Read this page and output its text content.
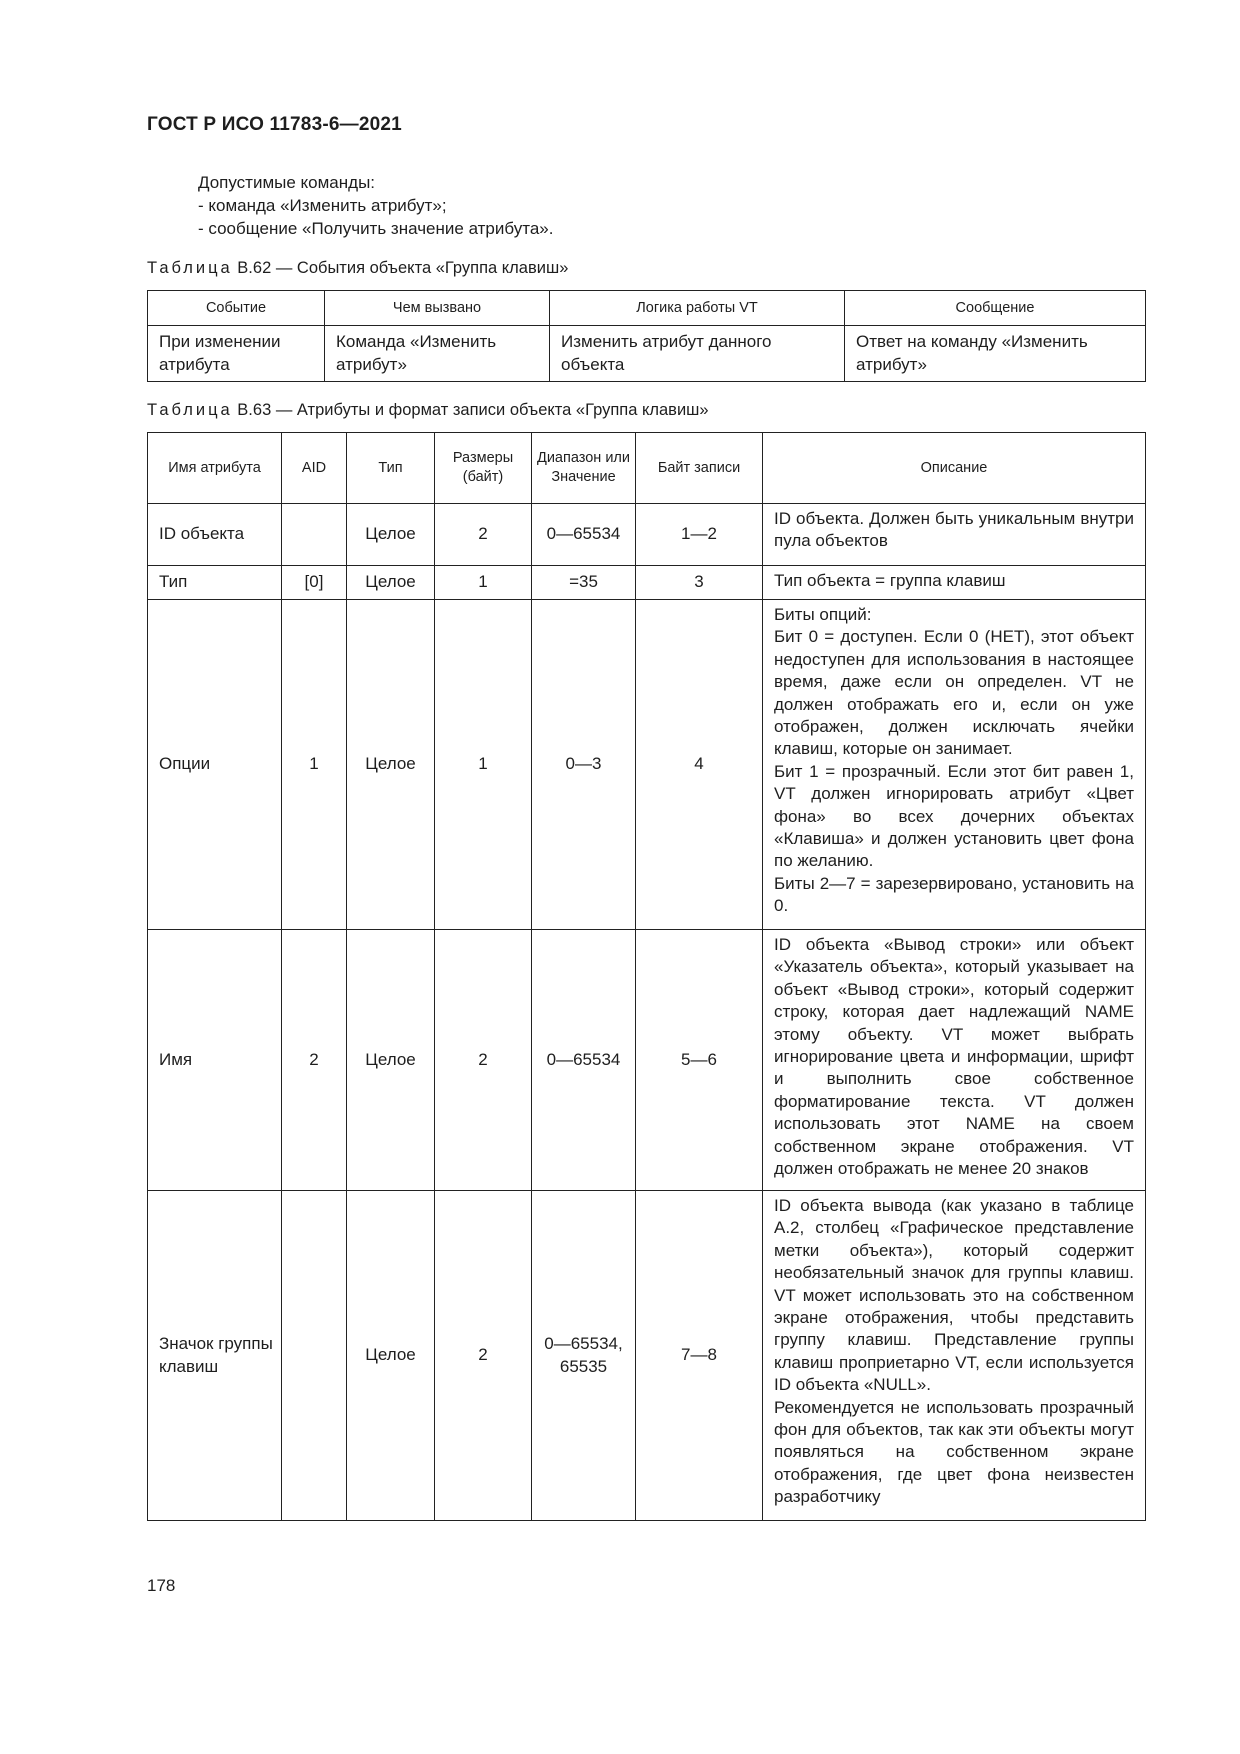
ГОСТ Р ИСО 11783-6—2021
Допустимые команды:
- команда «Изменить атрибут»;
- сообщение «Получить значение атрибута».
Таблица В.62 — События объекта «Группа клавиш»
Событие	Чем вызвано	Логика работы VT	Сообщение
При изменении атрибута	Команда «Изменить атрибут»	Изменить атрибут данного объекта	Ответ на команду «Изменить атрибут»
Таблица В.63 — Атрибуты и формат записи объекта «Группа клавиш»
Имя атрибута	AID	Тип	Размеры (байт)	Диапазон или Значение	Байт записи	Описание
ID объекта		Целое	2	0—65534	1—2	ID объекта. Должен быть уникальным внутри пула объектов

Тип	[0]	Целое	1	=35	3	Тип объекта = группа клавиш

Опции	1	Целое	1	0—3	4	Биты опций:
Бит 0 = доступен. Если 0 (НЕТ), этот объект недоступен для использования в настоящее время, даже если он определен. VT не должен отображать его и, если он уже отображен, должен исключать ячейки клавиш, которые он занимает.
Бит 1 = прозрачный. Если этот бит равен 1, VT должен игнорировать атрибут «Цвет фона» во всех дочерних объектах «Клавиша» и должен установить цвет фона по желанию.
Биты 2—7 = зарезервировано, установить на 0.

Имя	2	Целое	2	0—65534	5—6	ID объекта «Вывод строки» или объект «Указатель объекта», который указывает на объект «Вывод строки», который содержит строку, которая дает надлежащий NAME этому объекту. VT может выбрать игнорирование цвета и информации, шрифт и выполнить свое собственное форматирование текста. VT должен использовать этот NAME на своем собственном экране отображения. VT должен отображать не менее 20 знаков

Значок группы клавиш		Целое	2	0—65534, 65535	7—8	ID объекта вывода (как указано в таблице А.2, столбец «Графическое представление метки объекта»), который содержит необязательный значок для группы клавиш. VT может использовать это на собственном экране отображения, чтобы представить группу клавиш. Представление группы клавиш проприетарно VT, если используется ID объекта «NULL».
Рекомендуется не использовать прозрачный фон для объектов, так как эти объекты могут появляться на собственном экране отображения, где цвет фона неизвестен разработчику
178
